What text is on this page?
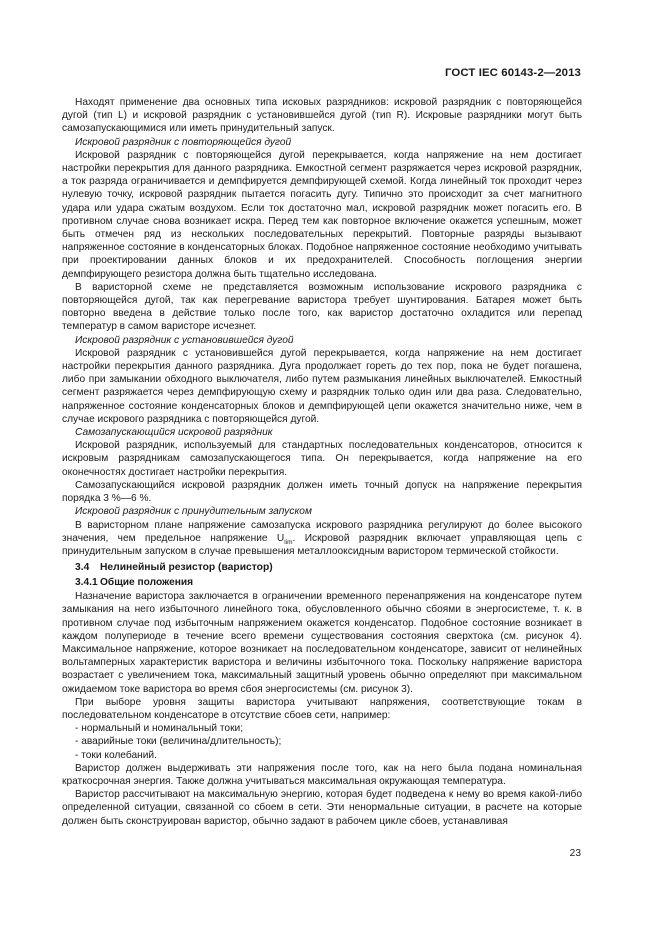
ГОСТ IEC 60143-2—2013

Находят применение два основных типа исковых разрядников: искровой разрядник с повторяющейся дугой (тип L) и искровой разрядник с установившейся дугой (тип R). Искровые разрядники могут быть самозапускающимися или иметь принудительный запуск.

Искровой разрядник с повторяющейся дугой

Искровой разрядник с повторяющейся дугой перекрывается, когда напряжение на нем достигает настройки перекрытия для данного разрядника. Емкостной сегмент разряжается через искровой разрядник, а ток разряда ограничивается и демпфируется демпфирующей схемой. Когда линейный ток проходит через нулевую точку, искровой разрядник пытается погасить дугу. Типично это происходит за счет магнитного удара или удара сжатым воздухом. Если ток достаточно мал, искровой разрядник может погасить его. В противном случае снова возникает искра. Перед тем как повторное включение окажется успешным, может быть отмечен ряд из нескольких последовательных перекрытий. Повторные разряды вызывают напряженное состояние в конденсаторных блоках. Подобное напряженное состояние необходимо учитывать при проектировании данных блоков и их предохранителей. Способность поглощения энергии демпфирующего резистора должна быть тщательно исследована.

В варисторной схеме не представляется возможным использование искрового разрядника с повторяющейся дугой, так как перегревание варистора требует шунтирования. Батарея может быть повторно введена в действие только после того, как варистор достаточно охладится или перепад температур в самом варисторе исчезнет.

Искровой разрядник с установившейся дугой

Искровой разрядник с установившейся дугой перекрывается, когда напряжение на нем достигает настройки перекрытия данного разрядника. Дуга продолжает гореть до тех пор, пока не будет погашена, либо при замыкании обходного выключателя, либо путем размыкания линейных выключателей. Емкостный сегмент разряжается через демпфирующую схему и разрядник только один или два раза. Следовательно, напряженное состояние конденсаторных блоков и демпфирующей цепи окажется значительно ниже, чем в случае искрового разрядника с повторяющейся дугой.

Самозапускающийся искровой разрядник

Искровой разрядник, используемый для стандартных последовательных конденсаторов, относится к искровым разрядникам самозапускающегося типа. Он перекрывается, когда напряжение на его оконечностях достигает настройки перекрытия.

Самозапускающийся искровой разрядник должен иметь точный допуск на напряжение перекрытия порядка 3 %—6 %.

Искровой разрядник с принудительным запуском

В варисторном плане напряжение самозапуска искрового разрядника регулируют до более высокого значения, чем предельное напряжение $U_{lim}$. Искровой разрядник включает управляющая цепь с принудительным запуском в случае превышения металлооксидным варистором термической стойкости.

3.4 Нелинейный резистор (варистор)
3.4.1 Общие положения

Назначение варистора заключается в ограничении временного перенапряжения на конденсаторе путем замыкания на него избыточного линейного тока, обусловленного обычно сбоями в энергосистеме, т. к. в противном случае под избыточным напряжением окажется конденсатор. Подобное состояние возникает в каждом полупериоде в течение всего времени существования состояния сверхтока (см. рисунок 4). Максимальное напряжение, которое возникает на последовательном конденсаторе, зависит от нелинейных вольтамперных характеристик варистора и величины избыточного тока. Поскольку напряжение варистора возрастает с увеличением тока, максимальный защитный уровень обычно определяют при максимальном ожидаемом токе варистора во время сбоя энергосистемы (см. рисунок 3).

При выборе уровня защиты варистора учитывают напряжения, соответствующие токам в последовательном конденсаторе в отсутствие сбоев сети, например:

- нормальный и номинальный токи;

- аварийные токи (величина/длительность);

- токи колебаний.

Варистор должен выдерживать эти напряжения после того, как на него была подана номинальная краткосрочная энергия. Также должна учитываться максимальная окружающая температура.

Варистор рассчитывают на максимальную энергию, которая будет подведена к нему во время какой-либо определенной ситуации, связанной со сбоем в сети. Эти ненормальные ситуации, в расчете на которые должен быть сконструирован варистор, обычно задают в рабочем цикле сбоев, устанавливая

23
